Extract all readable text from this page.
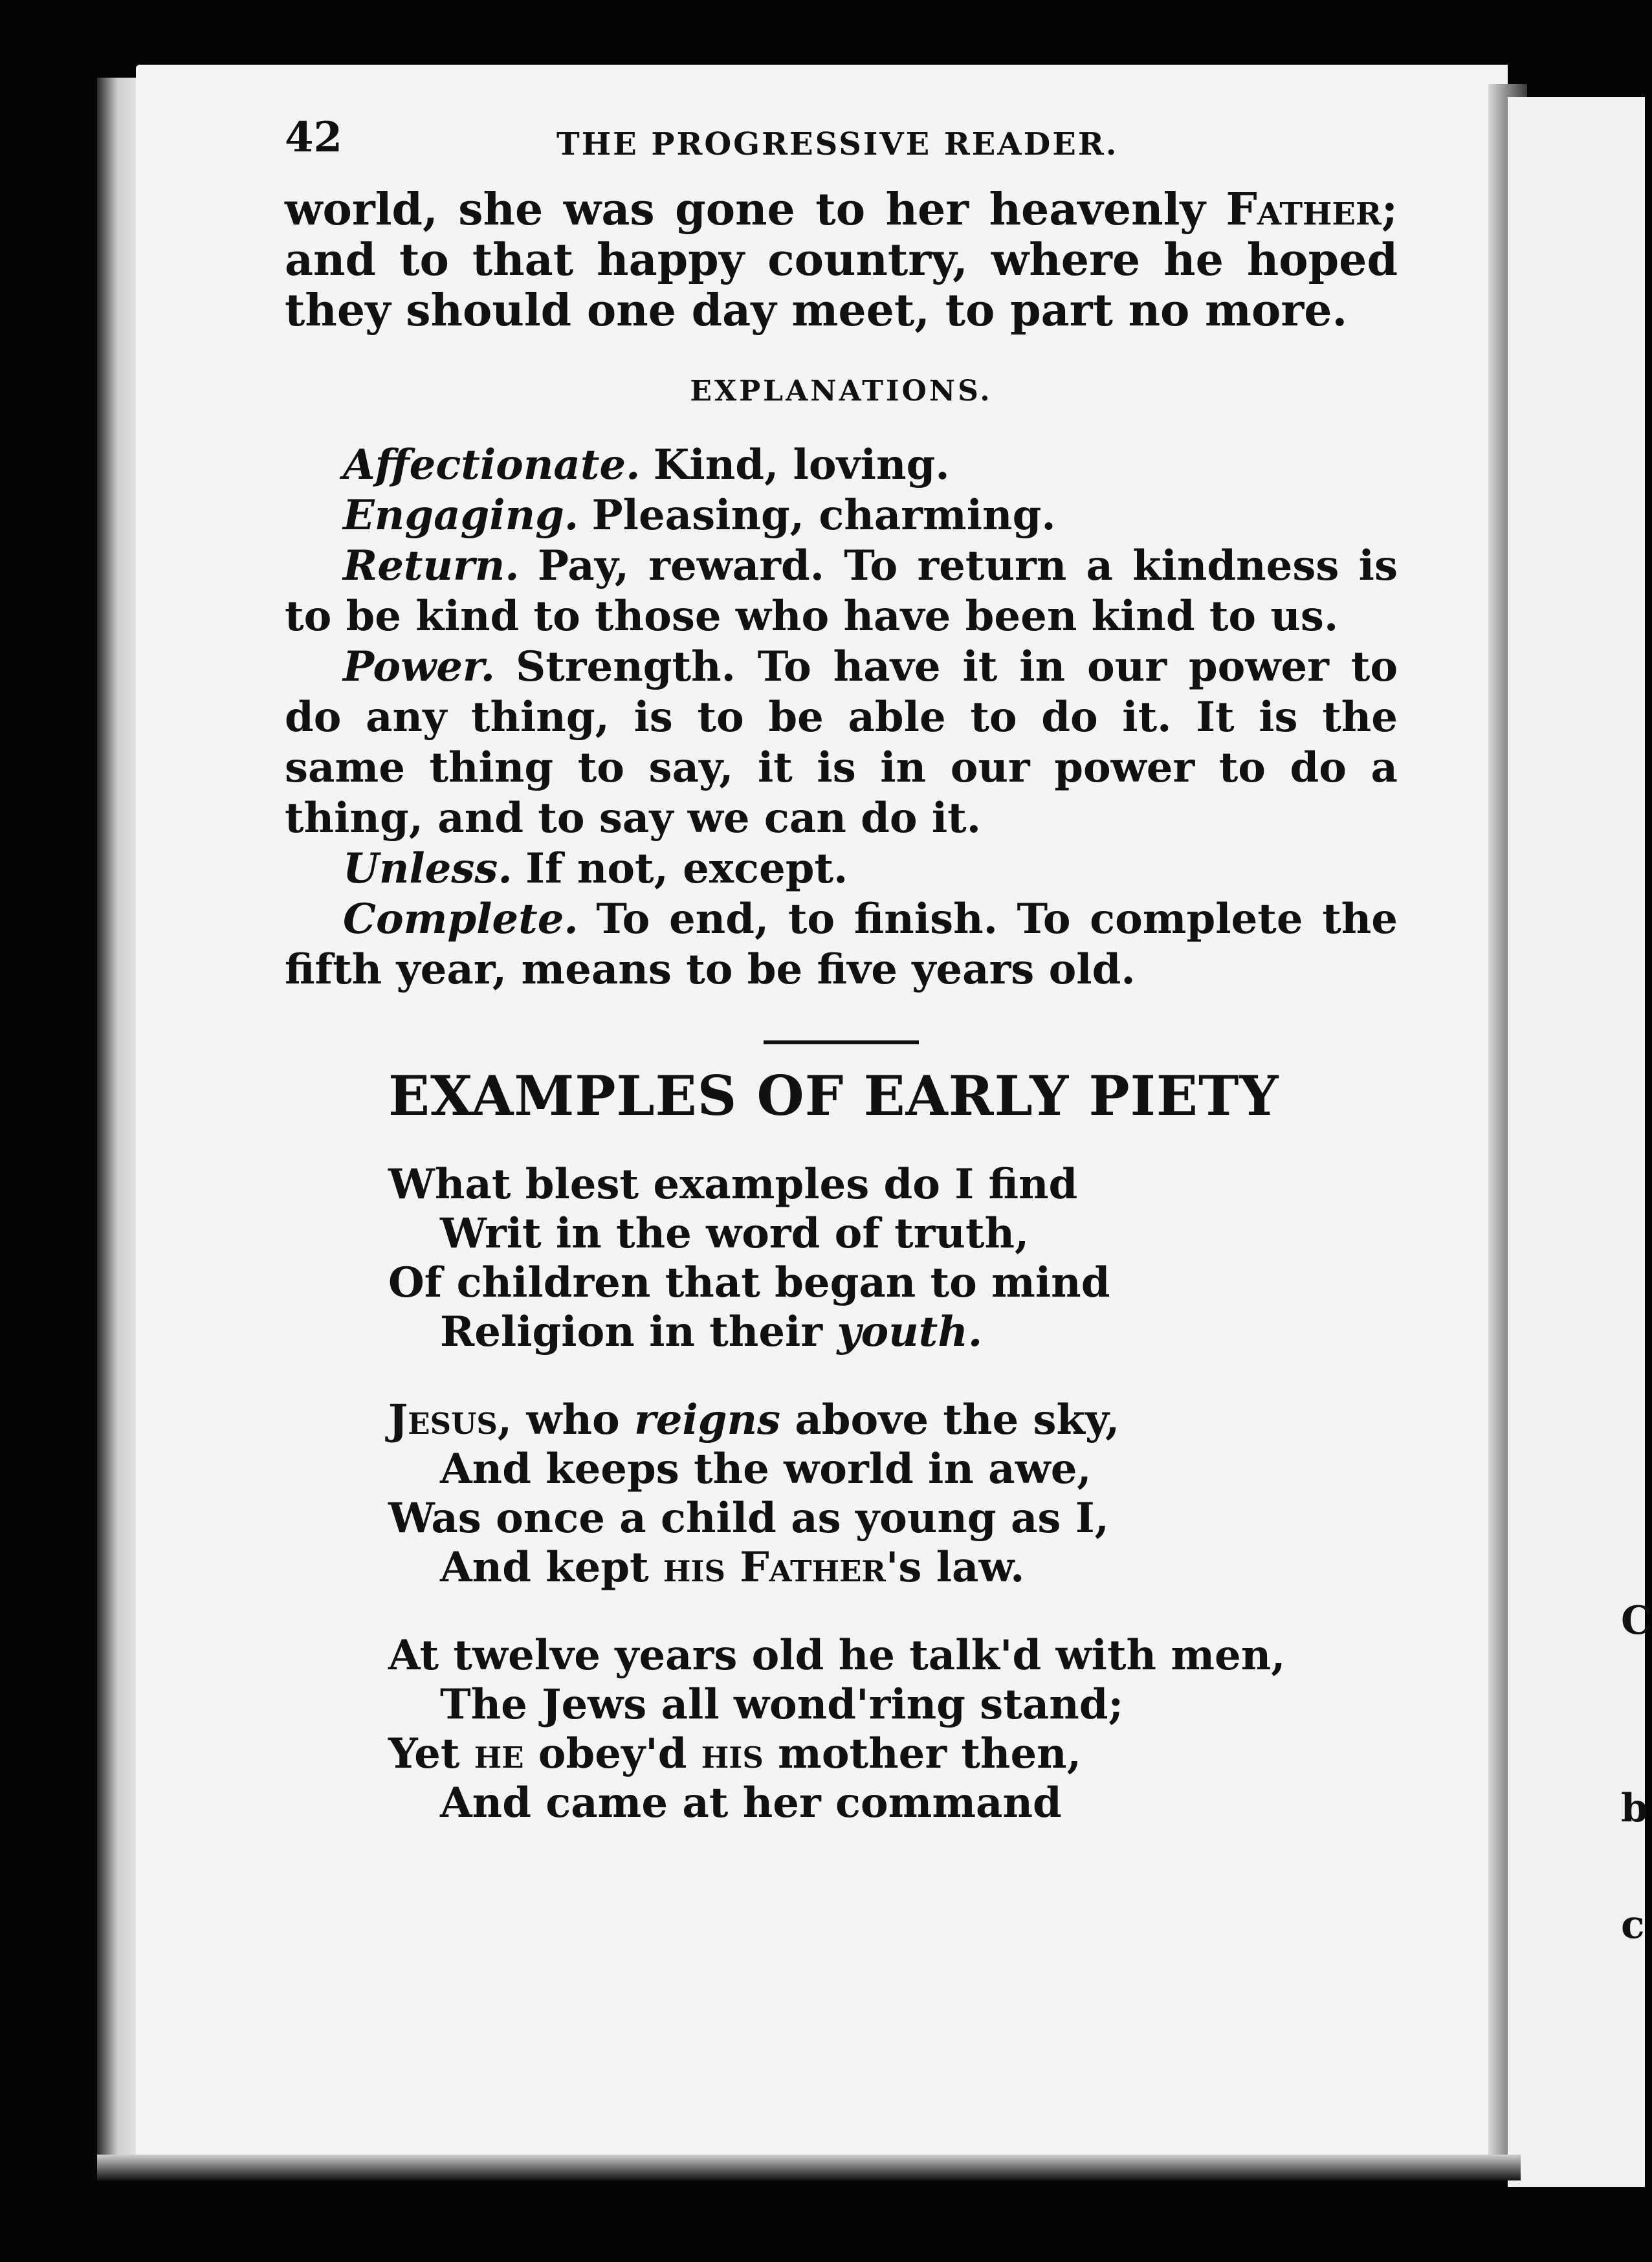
C
b
c
42	THE PROGRESSIVE READER.

world, she was gone to her heavenly Father; and to that happy country, where he hoped they should one day meet, to part no more.

EXPLANATIONS.
Affectionate. Kind, loving.
Engaging. Pleasing, charming.
Return. Pay, reward. To return a kindness is to be kind to those who have been kind to us.
Power. Strength. To have it in our power to do any thing, is to be able to do it. It is the same thing to say, it is in our power to do a thing, and to say we can do it.
Unless. If not, except.
Complete. To end, to finish. To complete the fifth year, means to be five years old.
EXAMPLES OF EARLY PIETY
What blest examples do I find
Writ in the word of truth,
Of children that began to mind
Religion in their youth.
Jesus, who reigns above the sky,
And keeps the world in awe,
Was once a child as young as I,
And kept his Father's law.
At twelve years old he talk'd with men,
The Jews all wond'ring stand;
Yet he obey'd his mother then,
And came at her command
